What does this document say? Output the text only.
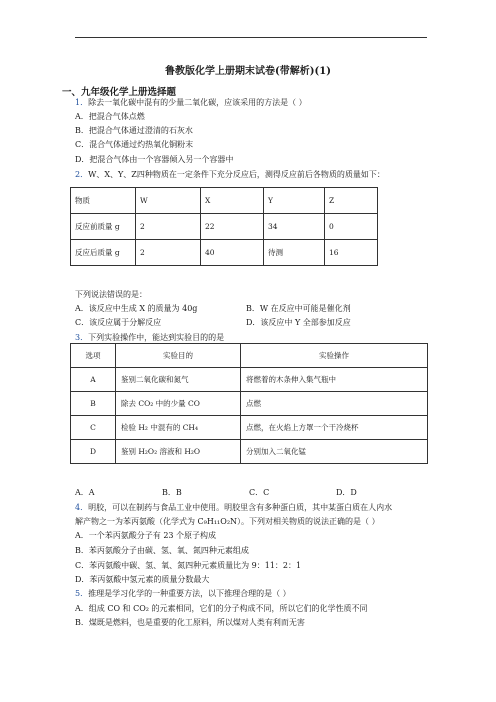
鲁教版化学上册期末试卷(带解析)(1)
一、九年级化学上册选择题
1．除去一氧化碳中混有的少量二氧化碳，应该采用的方法是（ ）
A．把混合气体点燃
B．把混合气体通过澄清的石灰水
C．混合气体通过灼热氧化铜粉末
D．把混合气体由一个容器倾入另一个容器中
2．W、X、Y、Z四种物质在一定条件下充分反应后，测得反应前后各物质的质量如下：
物质	W	X	Y	Z
反应前质量 g	2	22	34	0
反应后质量 g	2	40	待测	16
下列说法错误的是：
A．该反应中生成 X 的质量为 40g	B．W 在反应中可能是催化剂
C．该反应属于分解反应	D．该反应中 Y 全部参加反应
3．下列实验操作中，能达到实验目的的是
选项	实验目的	实验操作
A	鉴别二氧化碳和氮气	将燃着的木条伸入集气瓶中
B	除去 CO₂ 中的少量 CO	点燃
C	检验 H₂ 中混有的 CH₄	点燃，在火焰上方罩一个干冷烧杯
D	鉴别 H₂O₂ 溶液和 H₂O	分别加入二氧化锰
A．A	B．B	C．C	D．D
4．明胶，可以在制药与食品工业中使用。明胶里含有多种蛋白质，其中某蛋白质在人内水
解产物之一为苯丙氨酸（化学式为 C₉H₁₁O₂N）。下列对相关物质的说法正确的是（ ）
A．一个苯丙氨酸分子有 23 个原子构成
B．苯丙氨酸分子由碳、氢、氧、氮四种元素组成
C．苯丙氨酸中碳、氢、氧、氮四种元素质量比为 9：11：2：1
D．苯丙氨酸中氢元素的质量分数最大
5．推理是学习化学的一种重要方法，以下推理合理的是（ ）
A．组成 CO 和 CO₂ 的元素相同，它们的分子构成不同，所以它们的化学性质不同
B．煤既是燃料，也是重要的化工原料，所以煤对人类有利而无害
